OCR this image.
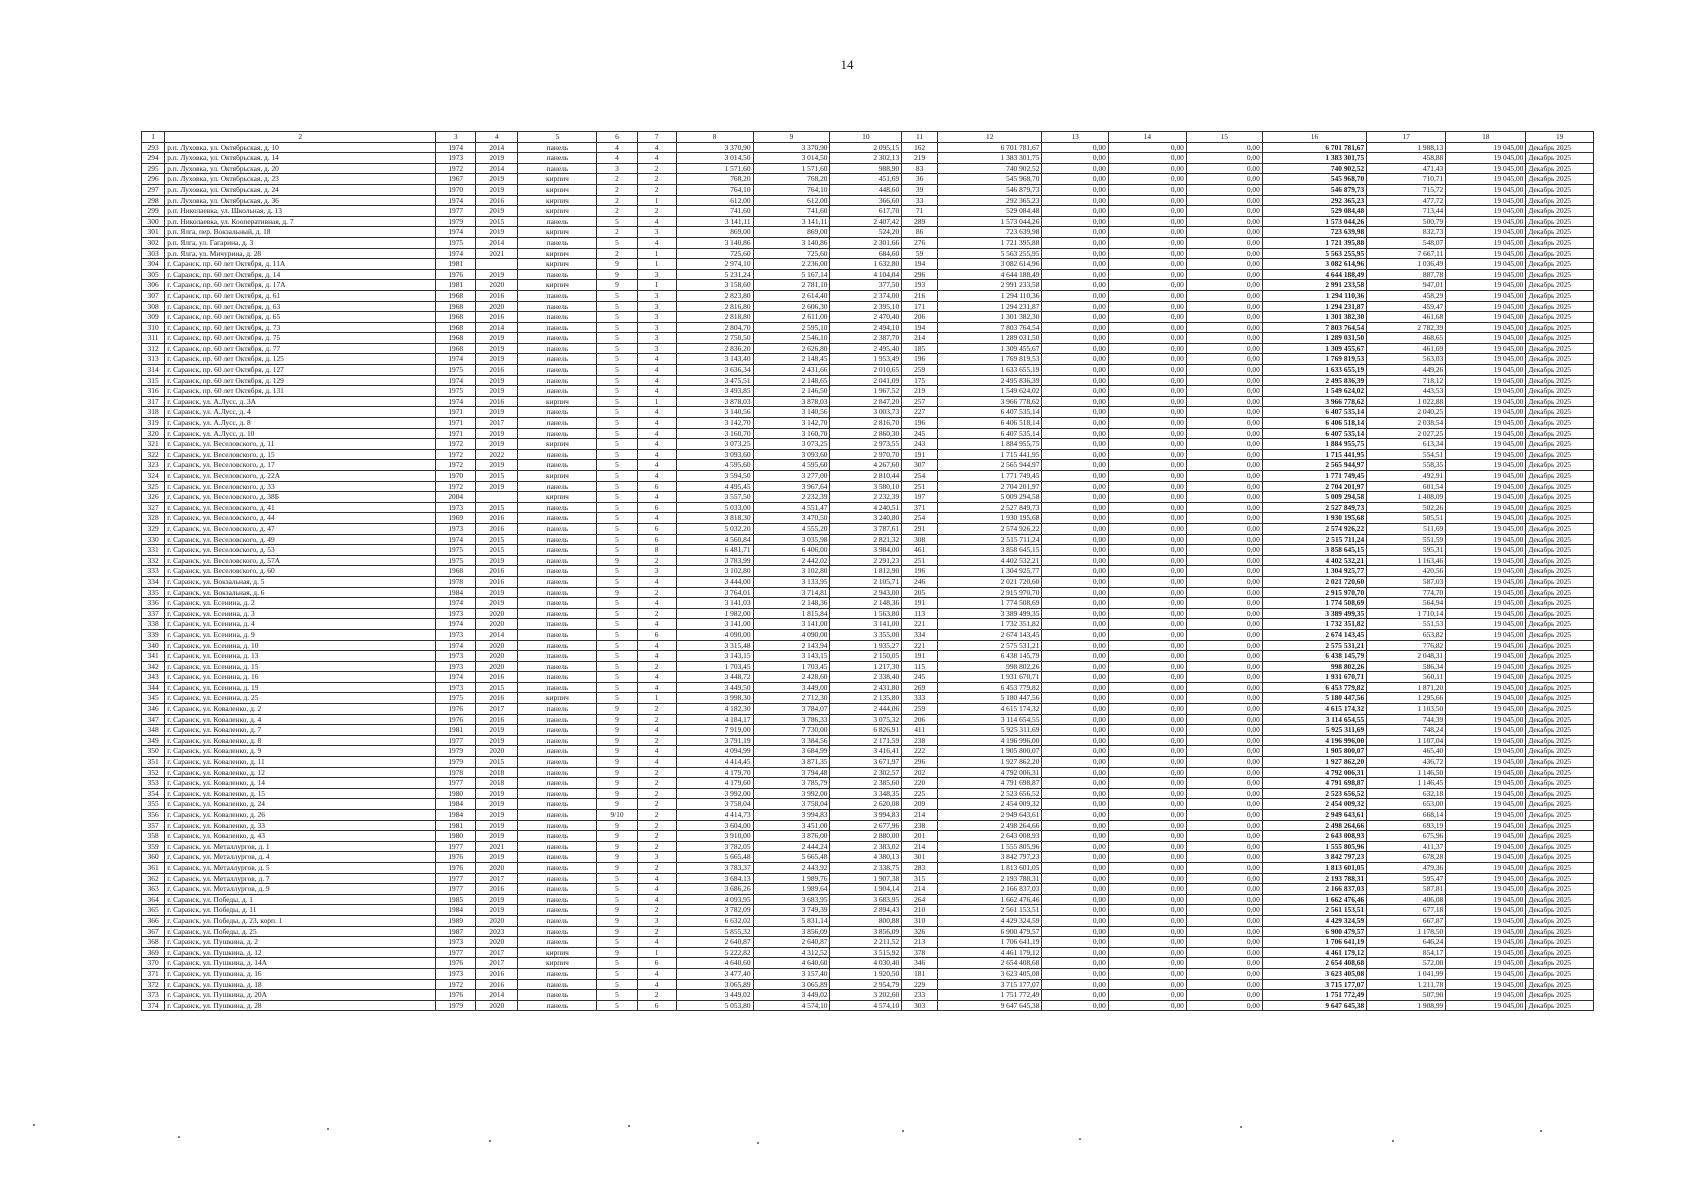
14
1	2	3	4	5	6	7	8	9	10	11	12	13	14	15	16	17	18	19
293	р.п. Луховка, ул. Октябрьская, д. 10	1974	2014	панель	4	4	3 370,90	3 370,90	2 095,15	162	6 701 781,67	0,00	0,00	0,00	6 701 781,67	1 988,13	19 045,00	Декабрь 2025
294	р.п. Луховка, ул. Октябрьская, д. 14	1973	2019	панель	4	4	3 014,50	3 014,50	2 302,13	219	1 383 301,75	0,00	0,00	0,00	1 383 301,75	458,88	19 045,00	Декабрь 2025
295	р.п. Луховка, ул. Октябрьская, д. 20	1972	2014	панель	3	2	1 571,60	1 571,60	988,90	83	740 902,52	0,00	0,00	0,00	740 902,52	471,43	19 045,00	Декабрь 2025
296	р.п. Луховка, ул. Октябрьская, д. 23	1967	2019	кирпич	2	2	768,20	768,20	451,69	36	545 968,70	0,00	0,00	0,00	545 968,70	710,71	19 045,00	Декабрь 2025
297	р.п. Луховка, ул. Октябрьская, д. 24	1970	2019	кирпич	2	2	764,10	764,10	448,60	39	546 879,73	0,00	0,00	0,00	546 879,73	715,72	19 045,00	Декабрь 2025
298	р.п. Луховка, ул. Октябрьская, д. 36	1974	2016	кирпич	2	1	612,00	612,00	366,60	33	292 365,23	0,00	0,00	0,00	292 365,23	477,72	19 045,00	Декабрь 2025
299	р.п. Николаевка, ул. Школьная, д. 13	1977	2019	кирпич	2	2	741,60	741,60	617,70	71	529 084,48	0,00	0,00	0,00	529 084,48	713,44	19 045,00	Декабрь 2025
300	р.п. Николаевка, ул. Кооперативная, д. 7	1979	2015	панель	5	4	3 141,11	3 141,11	2 407,42	289	1 573 044,26	0,00	0,00	0,00	1 573 044,26	500,79	19 045,00	Декабрь 2025
301	р.п. Ялга, пер. Вокзальный, д. 18	1974	2019	кирпич	2	3	869,00	869,00	524,20	86	723 639,98	0,00	0,00	0,00	723 639,98	832,73	19 045,00	Декабрь 2025
302	р.п. Ялга, ул. Гагарина, д. 3	1975	2014	панель	5	4	3 140,86	3 140,86	2 301,66	276	1 721 395,88	0,00	0,00	0,00	1 721 395,88	548,07	19 045,00	Декабрь 2025
303	р.п. Ялга, ул. Мичурина, д. 28	1974	2021	кирпич	2	1	725,60	725,60	684,60	59	5 563 255,95	0,00	0,00	0,00	5 563 255,95	7 667,11	19 045,00	Декабрь 2025
304	г. Саранск, пр. 60 лет Октября, д. 11А	1981		кирпич	9	1	2 974,10	2 236,00	1 632,80	194	3 082 614,96	0,00	0,00	0,00	3 082 614,96	1 036,49	19 045,00	Декабрь 2025
305	г. Саранск, пр. 60 лет Октября, д. 14	1976	2019	панель	9	3	5 231,24	5 167,14	4 104,04	296	4 644 188,49	0,00	0,00	0,00	4 644 188,49	887,78	19 045,00	Декабрь 2025
306	г. Саранск, пр. 60 лет Октября, д. 17А	1981	2020	кирпич	9	1	3 158,60	2 781,10	377,50	193	2 991 233,58	0,00	0,00	0,00	2 991 233,58	947,01	19 045,00	Декабрь 2025
307	г. Саранск, пр. 60 лет Октября, д. 61	1968	2016	панель	5	3	2 823,80	2 614,40	2 374,00	216	1 294 110,36	0,00	0,00	0,00	1 294 110,36	458,29	19 045,00	Декабрь 2025
308	г. Саранск, пр. 60 лет Октября, д. 63	1968	2020	панель	5	3	2 816,80	2 606,30	2 395,10	171	1 294 231,87	0,00	0,00	0,00	1 294 231,87	459,47	19 045,00	Декабрь 2025
309	г. Саранск, пр. 60 лет Октября, д. 65	1968	2016	панель	5	3	2 818,80	2 611,00	2 470,40	206	1 301 382,30	0,00	0,00	0,00	1 301 382,30	461,68	19 045,00	Декабрь 2025
310	г. Саранск, пр. 60 лет Октября, д. 73	1968	2014	панель	5	3	2 804,70	2 595,10	2 494,10	194	7 803 764,54	0,00	0,00	0,00	7 803 764,54	2 782,39	19 045,00	Декабрь 2025
311	г. Саранск, пр. 60 лет Октября, д. 75	1968	2019	панель	5	3	2 750,50	2 546,10	2 387,70	214	1 289 031,50	0,00	0,00	0,00	1 289 031,50	468,65	19 045,00	Декабрь 2025
312	г. Саранск, пр. 60 лет Октября, д. 77	1968	2019	панель	5	3	2 836,20	2 626,80	2 495,40	185	1 309 455,67	0,00	0,00	0,00	1 309 455,67	461,69	19 045,00	Декабрь 2025
313	г. Саранск, пр. 60 лет Октября, д. 125	1974	2019	панель	5	4	3 143,40	2 148,45	1 953,49	196	1 769 819,53	0,00	0,00	0,00	1 769 819,53	563,03	19 045,00	Декабрь 2025
314	г. Саранск, пр. 60 лет Октября, д. 127	1975	2016	панель	5	4	3 636,34	2 431,66	2 010,65	259	1 633 655,19	0,00	0,00	0,00	1 633 655,19	449,26	19 045,00	Декабрь 2025
315	г. Саранск, пр. 60 лет Октября, д. 129	1974	2019	панель	5	4	3 475,51	2 148,65	2 041,09	175	2 495 836,39	0,00	0,00	0,00	2 495 836,39	718,12	19 045,00	Декабрь 2025
316	г. Саранск, пр. 60 лет Октября, д. 131	1975	2019	панель	5	4	3 493,85	2 146,50	1 967,52	219	1 549 624,02	0,00	0,00	0,00	1 549 624,02	443,53	19 045,00	Декабрь 2025
317	г. Саранск, ул. А.Лусс, д. 3А	1974	2016	кирпич	5	1	3 878,03	3 878,03	2 847,20	257	3 966 778,62	0,00	0,00	0,00	3 966 778,62	1 022,88	19 045,00	Декабрь 2025
318	г. Саранск, ул. А.Лусс, д. 4	1971	2019	панель	5	4	3 140,56	3 140,56	3 003,73	227	6 407 535,14	0,00	0,00	0,00	6 407 535,14	2 040,25	19 045,00	Декабрь 2025
319	г. Саранск, ул. А.Лусс, д. 8	1971	2017	панель	5	4	3 142,70	3 142,70	2 816,70	196	6 406 518,14	0,00	0,00	0,00	6 406 518,14	2 038,54	19 045,00	Декабрь 2025
320	г. Саранск, ул. А.Лусс, д. 10	1971	2019	панель	5	4	3 160,70	3 160,70	2 860,30	245	6 407 535,14	0,00	0,00	0,00	6 407 535,14	2 027,25	19 045,00	Декабрь 2025
321	г. Саранск, ул. Веселовского, д. 11	1972	2019	кирпич	5	4	3 073,25	3 073,25	2 973,55	243	1 884 955,75	0,00	0,00	0,00	1 884 955,75	613,34	19 045,00	Декабрь 2025
322	г. Саранск, ул. Веселовского, д. 15	1972	2022	панель	5	4	3 093,60	3 093,60	2 970,70	191	1 715 441,95	0,00	0,00	0,00	1 715 441,95	554,51	19 045,00	Декабрь 2025
323	г. Саранск, ул. Веселовского, д. 17	1972	2019	панель	5	4	4 595,60	4 595,60	4 267,60	307	2 565 944,97	0,00	0,00	0,00	2 565 944,97	558,35	19 045,00	Декабрь 2025
324	г. Саранск, ул. Веселовского, д. 22А	1970	2015	кирпич	5	4	3 594,50	3 277,00	2 810,44	254	1 771 749,45	0,00	0,00	0,00	1 771 749,45	492,91	19 045,00	Декабрь 2025
325	г. Саранск, ул. Веселовского, д. 33	1972	2019	панель	5	6	4 495,45	3 967,64	3 580,10	251	2 704 201,97	0,00	0,00	0,00	2 704 201,97	601,54	19 045,00	Декабрь 2025
326	г. Саранск, ул. Веселовского, д. 38Б	2004		кирпич	5	4	3 557,50	2 232,39	2 232,39	197	5 009 294,58	0,00	0,00	0,00	5 009 294,58	1 408,09	19 045,00	Декабрь 2025
327	г. Саранск, ул. Веселовского, д. 41	1973	2015	панель	5	6	5 033,00	4 551,47	4 240,51	371	2 527 849,73	0,00	0,00	0,00	2 527 849,73	502,26	19 045,00	Декабрь 2025
328	г. Саранск, ул. Веселовского, д. 44	1969	2016	панель	5	4	3 818,30	3 470,50	3 240,80	254	1 930 195,68	0,00	0,00	0,00	1 930 195,68	505,51	19 045,00	Декабрь 2025
329	г. Саранск, ул. Веселовского, д. 47	1973	2016	панель	5	6	5 032,20	4 555,20	3 787,61	291	2 574 926,22	0,00	0,00	0,00	2 574 926,22	511,69	19 045,00	Декабрь 2025
330	г. Саранск, ул. Веселовского, д. 49	1974	2015	панель	5	6	4 560,84	3 035,98	2 821,32	308	2 515 711,24	0,00	0,00	0,00	2 515 711,24	551,59	19 045,00	Декабрь 2025
331	г. Саранск, ул. Веселовского, д. 53	1975	2015	панель	5	8	6 481,71	6 406,00	3 984,00	461	3 858 645,15	0,00	0,00	0,00	3 858 645,15	595,31	19 045,00	Декабрь 2025
332	г. Саранск, ул. Веселовского, д. 57А	1975	2019	панель	9	2	3 783,99	2 442,02	2 291,23	251	4 402 532,21	0,00	0,00	0,00	4 402 532,21	1 163,46	19 045,00	Декабрь 2025
333	г. Саранск, ул. Веселовского, д. 60	1968	2016	панель	5	3	3 102,80	3 102,80	1 812,90	196	1 304 925,77	0,00	0,00	0,00	1 304 925,77	420,56	19 045,00	Декабрь 2025
334	г. Саранск, ул. Вокзальная, д. 5	1978	2016	панель	5	4	3 444,00	3 133,95	2 105,71	246	2 021 720,60	0,00	0,00	0,00	2 021 720,60	587,03	19 045,00	Декабрь 2025
335	г. Саранск, ул. Вокзальная, д. 6	1984	2019	панель	9	2	3 764,01	3 714,81	2 943,00	205	2 915 970,70	0,00	0,00	0,00	2 915 970,70	774,70	19 045,00	Декабрь 2025
336	г. Саранск, ул. Есенина, д. 2	1974	2019	панель	5	4	3 141,03	2 148,36	2 148,36	191	1 774 508,69	0,00	0,00	0,00	1 774 508,69	564,94	19 045,00	Декабрь 2025
337	г. Саранск, ул. Есенина, д. 3	1973	2020	панель	5	2	1 982,00	1 815,84	1 563,80	113	3 389 499,35	0,00	0,00	0,00	3 389 499,35	1 710,14	19 045,00	Декабрь 2025
338	г. Саранск, ул. Есенина, д. 4	1974	2020	панель	5	4	3 141,00	3 141,00	3 141,00	221	1 732 351,82	0,00	0,00	0,00	1 732 351,82	551,53	19 045,00	Декабрь 2025
339	г. Саранск, ул. Есенина, д. 9	1973	2014	панель	5	6	4 090,00	4 090,00	3 355,00	334	2 674 143,45	0,00	0,00	0,00	2 674 143,45	653,82	19 045,00	Декабрь 2025
340	г. Саранск, ул. Есенина, д. 10	1974	2020	панель	5	4	3 315,48	2 143,94	1 935,27	221	2 575 531,21	0,00	0,00	0,00	2 575 531,21	776,82	19 045,00	Декабрь 2025
341	г. Саранск, ул. Есенина, д. 13	1973	2020	панель	5	4	3 143,15	3 143,15	2 150,05	191	6 438 145,79	0,00	0,00	0,00	6 438 145,79	2 048,31	19 045,00	Декабрь 2025
342	г. Саранск, ул. Есенина, д. 15	1973	2020	панель	5	2	1 703,45	1 703,45	1 217,30	115	998 802,26	0,00	0,00	0,00	998 802,26	586,34	19 045,00	Декабрь 2025
343	г. Саранск, ул. Есенина, д. 16	1974	2016	панель	5	4	3 448,72	2 428,60	2 338,40	245	1 931 670,71	0,00	0,00	0,00	1 931 670,71	560,11	19 045,00	Декабрь 2025
344	г. Саранск, ул. Есенина, д. 19	1973	2015	панель	5	4	3 449,50	3 449,00	2 431,80	269	6 453 779,82	0,00	0,00	0,00	6 453 779,82	1 871,20	19 045,00	Декабрь 2025
345	г. Саранск, ул. Есенина, д. 25	1975	2016	кирпич	5	1	3 998,30	2 712,30	2 135,80	333	5 180 447,56	0,00	0,00	0,00	5 180 447,56	1 295,66	19 045,00	Декабрь 2025
346	г. Саранск, ул. Коваленко, д. 2	1976	2017	панель	9	2	4 182,30	3 784,07	2 444,06	259	4 615 174,32	0,00	0,00	0,00	4 615 174,32	1 103,50	19 045,00	Декабрь 2025
347	г. Саранск, ул. Коваленко, д. 4	1976	2016	панель	9	2	4 184,17	3 786,33	3 075,32	206	3 114 654,55	0,00	0,00	0,00	3 114 654,55	744,39	19 045,00	Декабрь 2025
348	г. Саранск, ул. Коваленко, д. 7	1981	2019	панель	9	4	7 919,00	7 730,00	6 826,91	411	5 925 311,69	0,00	0,00	0,00	5 925 311,69	748,24	19 045,00	Декабрь 2025
349	г. Саранск, ул. Коваленко, д. 8	1977	2019	панель	9	2	3 791,19	3 384,56	2 171,59	238	4 196 996,00	0,00	0,00	0,00	4 196 996,00	1 107,04	19 045,00	Декабрь 2025
350	г. Саранск, ул. Коваленко, д. 9	1979	2020	панель	9	4	4 094,99	3 684,99	3 416,41	222	1 905 800,07	0,00	0,00	0,00	1 905 800,07	465,40	19 045,00	Декабрь 2025
351	г. Саранск, ул. Коваленко, д. 11	1979	2015	панель	9	4	4 414,45	3 871,35	3 671,97	296	1 927 862,20	0,00	0,00	0,00	1 927 862,20	436,72	19 045,00	Декабрь 2025
352	г. Саранск, ул. Коваленко, д. 12	1978	2018	панель	9	2	4 179,70	3 794,48	2 302,57	202	4 792 006,31	0,00	0,00	0,00	4 792 006,31	1 146,50	19 045,00	Декабрь 2025
353	г. Саранск, ул. Коваленко, д. 14	1977	2018	панель	9	2	4 179,60	3 785,79	2 385,60	220	4 791 698,87	0,00	0,00	0,00	4 791 698,87	1 146,45	19 045,00	Декабрь 2025
354	г. Саранск, ул. Коваленко, д. 15	1980	2019	панель	9	2	3 992,00	3 992,00	3 348,35	225	2 523 656,52	0,00	0,00	0,00	2 523 656,52	632,18	19 045,00	Декабрь 2025
355	г. Саранск, ул. Коваленко, д. 24	1984	2019	панель	9	2	3 758,04	3 758,04	2 620,08	209	2 454 009,32	0,00	0,00	0,00	2 454 009,32	653,00	19 045,00	Декабрь 2025
356	г. Саранск, ул. Коваленко, д. 26	1984	2019	панель	9/10	2	4 414,73	3 994,83	3 994,83	214	2 949 643,61	0,00	0,00	0,00	2 949 643,61	668,14	19 045,00	Декабрь 2025
357	г. Саранск, ул. Коваленко, д. 33	1981	2019	панель	9	2	3 604,00	3 451,00	2 677,96	238	2 498 264,66	0,00	0,00	0,00	2 498 264,66	693,19	19 045,00	Декабрь 2025
358	г. Саранск, ул. Коваленко, д. 43	1980	2019	панель	9	2	3 910,00	3 876,00	2 880,00	201	2 643 008,93	0,00	0,00	0,00	2 643 008,93	675,96	19 045,00	Декабрь 2025
359	г. Саранск, ул. Металлургов, д. 1	1977	2021	панель	9	2	3 782,05	2 444,24	2 383,02	214	1 555 805,96	0,00	0,00	0,00	1 555 805,96	411,37	19 045,00	Декабрь 2025
360	г. Саранск, ул. Металлургов, д. 4	1976	2019	панель	9	3	5 665,48	5 665,48	4 380,13	301	3 842 797,23	0,00	0,00	0,00	3 842 797,23	678,28	19 045,00	Декабрь 2025
361	г. Саранск, ул. Металлургов, д. 5	1976	2020	панель	9	2	3 783,37	2 443,92	2 338,75	283	1 813 601,05	0,00	0,00	0,00	1 813 601,05	479,36	19 045,00	Декабрь 2025
362	г. Саранск, ул. Металлургов, д. 7	1977	2017	панель	5	4	3 684,13	1 989,76	1 907,38	315	2 193 788,31	0,00	0,00	0,00	2 193 788,31	595,47	19 045,00	Декабрь 2025
363	г. Саранск, ул. Металлургов, д. 9	1977	2016	панель	5	4	3 686,26	1 989,64	1 904,14	214	2 166 837,03	0,00	0,00	0,00	2 166 837,03	587,81	19 045,00	Декабрь 2025
364	г. Саранск, ул. Победы, д. 1	1985	2019	панель	5	4	4 093,95	3 683,95	3 683,95	264	1 662 476,46	0,00	0,00	0,00	1 662 476,46	406,08	19 045,00	Декабрь 2025
365	г. Саранск, ул. Победы, д. 11	1984	2019	панель	9	2	3 782,09	3 749,39	2 894,43	210	2 561 153,51	0,00	0,00	0,00	2 561 153,51	677,18	19 045,00	Декабрь 2025
366	г. Саранск, ул. Победы, д. 23, корп. 1	1989	2020	панель	9	3	6 632,02	5 831,14	800,88	310	4 429 324,59	0,00	0,00	0,00	4 429 324,59	667,87	19 045,00	Декабрь 2025
367	г. Саранск, ул. Победы, д. 25	1987	2023	панель	9	2	5 855,32	3 856,09	3 856,09	326	6 900 479,57	0,00	0,00	0,00	6 900 479,57	1 178,50	19 045,00	Декабрь 2025
368	г. Саранск, ул. Пушкина, д. 2	1973	2020	панель	5	4	2 640,87	2 640,87	2 211,52	213	1 706 641,19	0,00	0,00	0,00	1 706 641,19	646,24	19 045,00	Декабрь 2025
369	г. Саранск, ул. Пушкина, д. 12	1977	2017	кирпич	9	1	5 222,82	4 312,52	3 515,92	378	4 461 179,12	0,00	0,00	0,00	4 461 179,12	854,17	19 045,00	Декабрь 2025
370	г. Саранск, ул. Пушкина, д. 14А	1976	2017	кирпич	5	6	4 640,60	4 640,60	4 030,40	346	2 654 408,68	0,00	0,00	0,00	2 654 408,68	572,00	19 045,00	Декабрь 2025
371	г. Саранск, ул. Пушкина, д. 16	1973	2016	панель	5	4	3 477,40	3 157,40	1 920,50	181	3 623 405,08	0,00	0,00	0,00	3 623 405,08	1 041,99	19 045,00	Декабрь 2025
372	г. Саранск, ул. Пушкина, д. 18	1972	2016	панель	5	4	3 065,89	3 065,89	2 954,79	229	3 715 177,07	0,00	0,00	0,00	3 715 177,07	1 211,78	19 045,00	Декабрь 2025
373	г. Саранск, ул. Пушкина, д. 20А	1976	2014	панель	5	2	3 449,02	3 449,02	3 202,60	233	1 751 772,49	0,00	0,00	0,00	1 751 772,49	507,90	19 045,00	Декабрь 2025
374	г. Саранск, ул. Пушкина, д. 28	1979	2020	панель	5	6	5 053,80	4 574,10	4 574,10	303	9 647 645,38	0,00	0,00	0,00	9 647 645,38	1 908,99	19 045,00	Декабрь 2025
